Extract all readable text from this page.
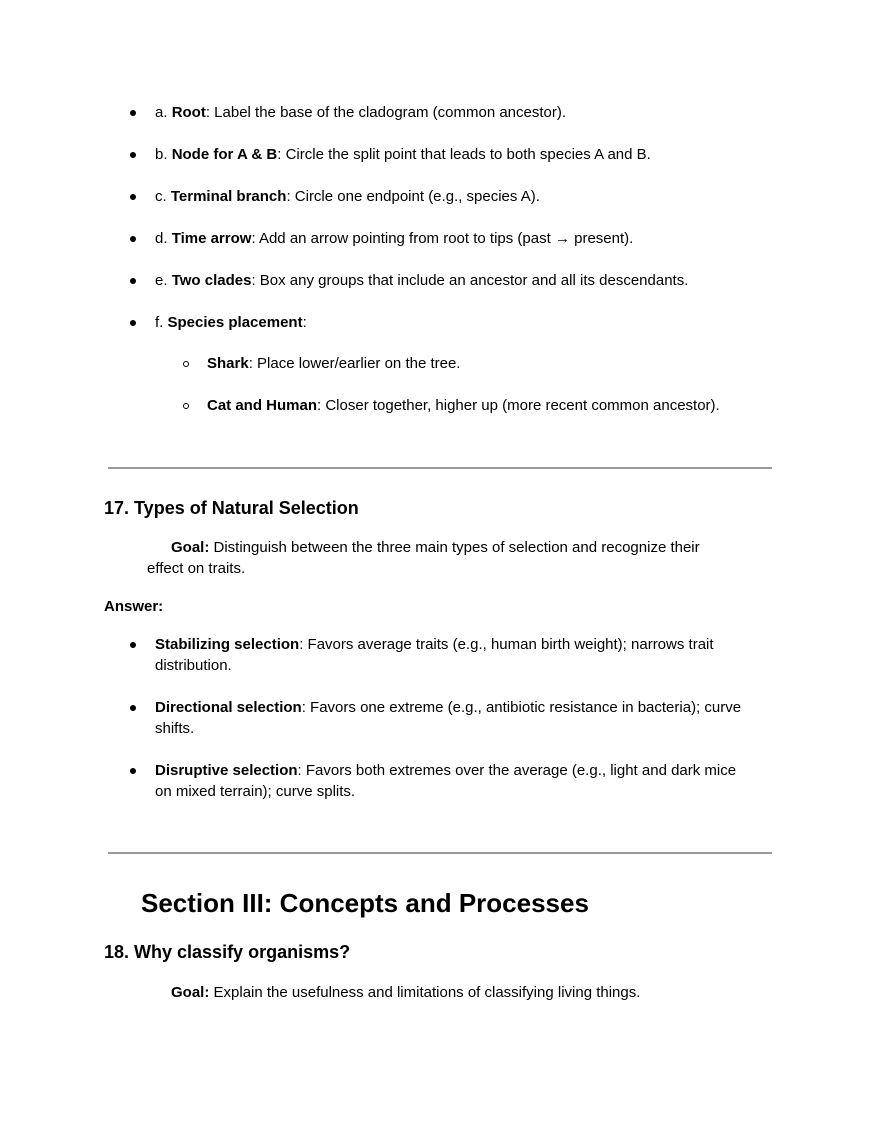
a. Root: Label the base of the cladogram (common ancestor).
b. Node for A & B: Circle the split point that leads to both species A and B.
c. Terminal branch: Circle one endpoint (e.g., species A).
d. Time arrow: Add an arrow pointing from root to tips (past → present).
e. Two clades: Box any groups that include an ancestor and all its descendants.
f. Species placement:
Shark: Place lower/earlier on the tree.
Cat and Human: Closer together, higher up (more recent common ancestor).
17. Types of Natural Selection
Goal: Distinguish between the three main types of selection and recognize their
effect on traits.
Answer:
Stabilizing selection: Favors average traits (e.g., human birth weight); narrows trait
distribution.
Directional selection: Favors one extreme (e.g., antibiotic resistance in bacteria); curve
shifts.
Disruptive selection: Favors both extremes over the average (e.g., light and dark mice
on mixed terrain); curve splits.
Section III: Concepts and Processes
18. Why classify organisms?
Goal: Explain the usefulness and limitations of classifying living things.
